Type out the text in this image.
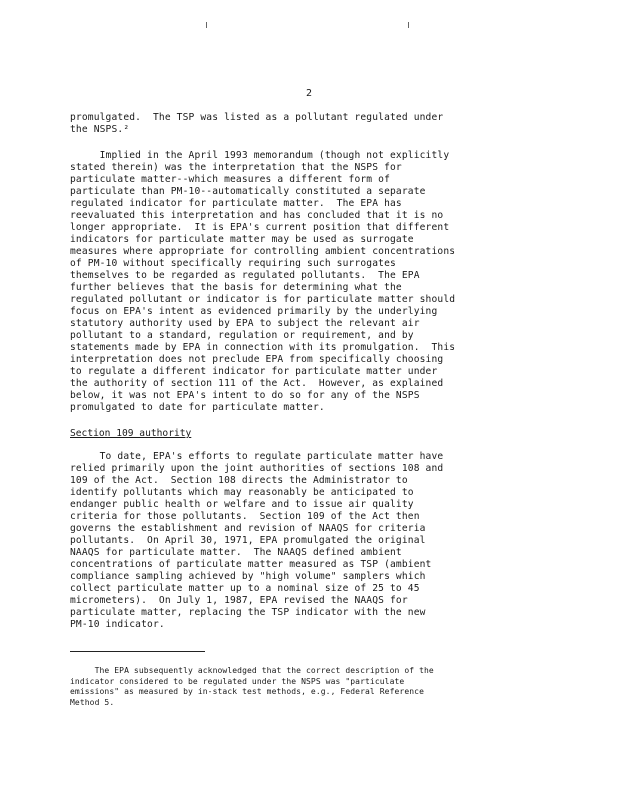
2
promulgated.  The TSP was listed as a pollutant regulated under
the NSPS.²
Implied in the April 1993 memorandum (though not explicitly
stated therein) was the interpretation that the NSPS for
particulate matter--which measures a different form of
particulate than PM-10--automatically constituted a separate
regulated indicator for particulate matter.  The EPA has
reevaluated this interpretation and has concluded that it is no
longer appropriate.  It is EPA's current position that different
indicators for particulate matter may be used as surrogate
measures where appropriate for controlling ambient concentrations
of PM-10 without specifically requiring such surrogates
themselves to be regarded as regulated pollutants.  The EPA
further believes that the basis for determining what the
regulated pollutant or indicator is for particulate matter should
focus on EPA's intent as evidenced primarily by the underlying
statutory authority used by EPA to subject the relevant air
pollutant to a standard, regulation or requirement, and by
statements made by EPA in connection with its promulgation.  This
interpretation does not preclude EPA from specifically choosing
to regulate a different indicator for particulate matter under
the authority of section 111 of the Act.  However, as explained
below, it was not EPA's intent to do so for any of the NSPS
promulgated to date for particulate matter.
Section 109 authority
To date, EPA's efforts to regulate particulate matter have
relied primarily upon the joint authorities of sections 108 and
109 of the Act.  Section 108 directs the Administrator to
identify pollutants which may reasonably be anticipated to
endanger public health or welfare and to issue air quality
criteria for those pollutants.  Section 109 of the Act then
governs the establishment and revision of NAAQS for criteria
pollutants.  On April 30, 1971, EPA promulgated the original
NAAQS for particulate matter.  The NAAQS defined ambient
concentrations of particulate matter measured as TSP (ambient
compliance sampling achieved by "high volume" samplers which
collect particulate matter up to a nominal size of 25 to 45
micrometers).  On July 1, 1987, EPA revised the NAAQS for
particulate matter, replacing the TSP indicator with the new
PM-10 indicator.
The EPA subsequently acknowledged that the correct description of the
indicator considered to be regulated under the NSPS was "particulate
emissions" as measured by in-stack test methods, e.g., Federal Reference
Method 5.
